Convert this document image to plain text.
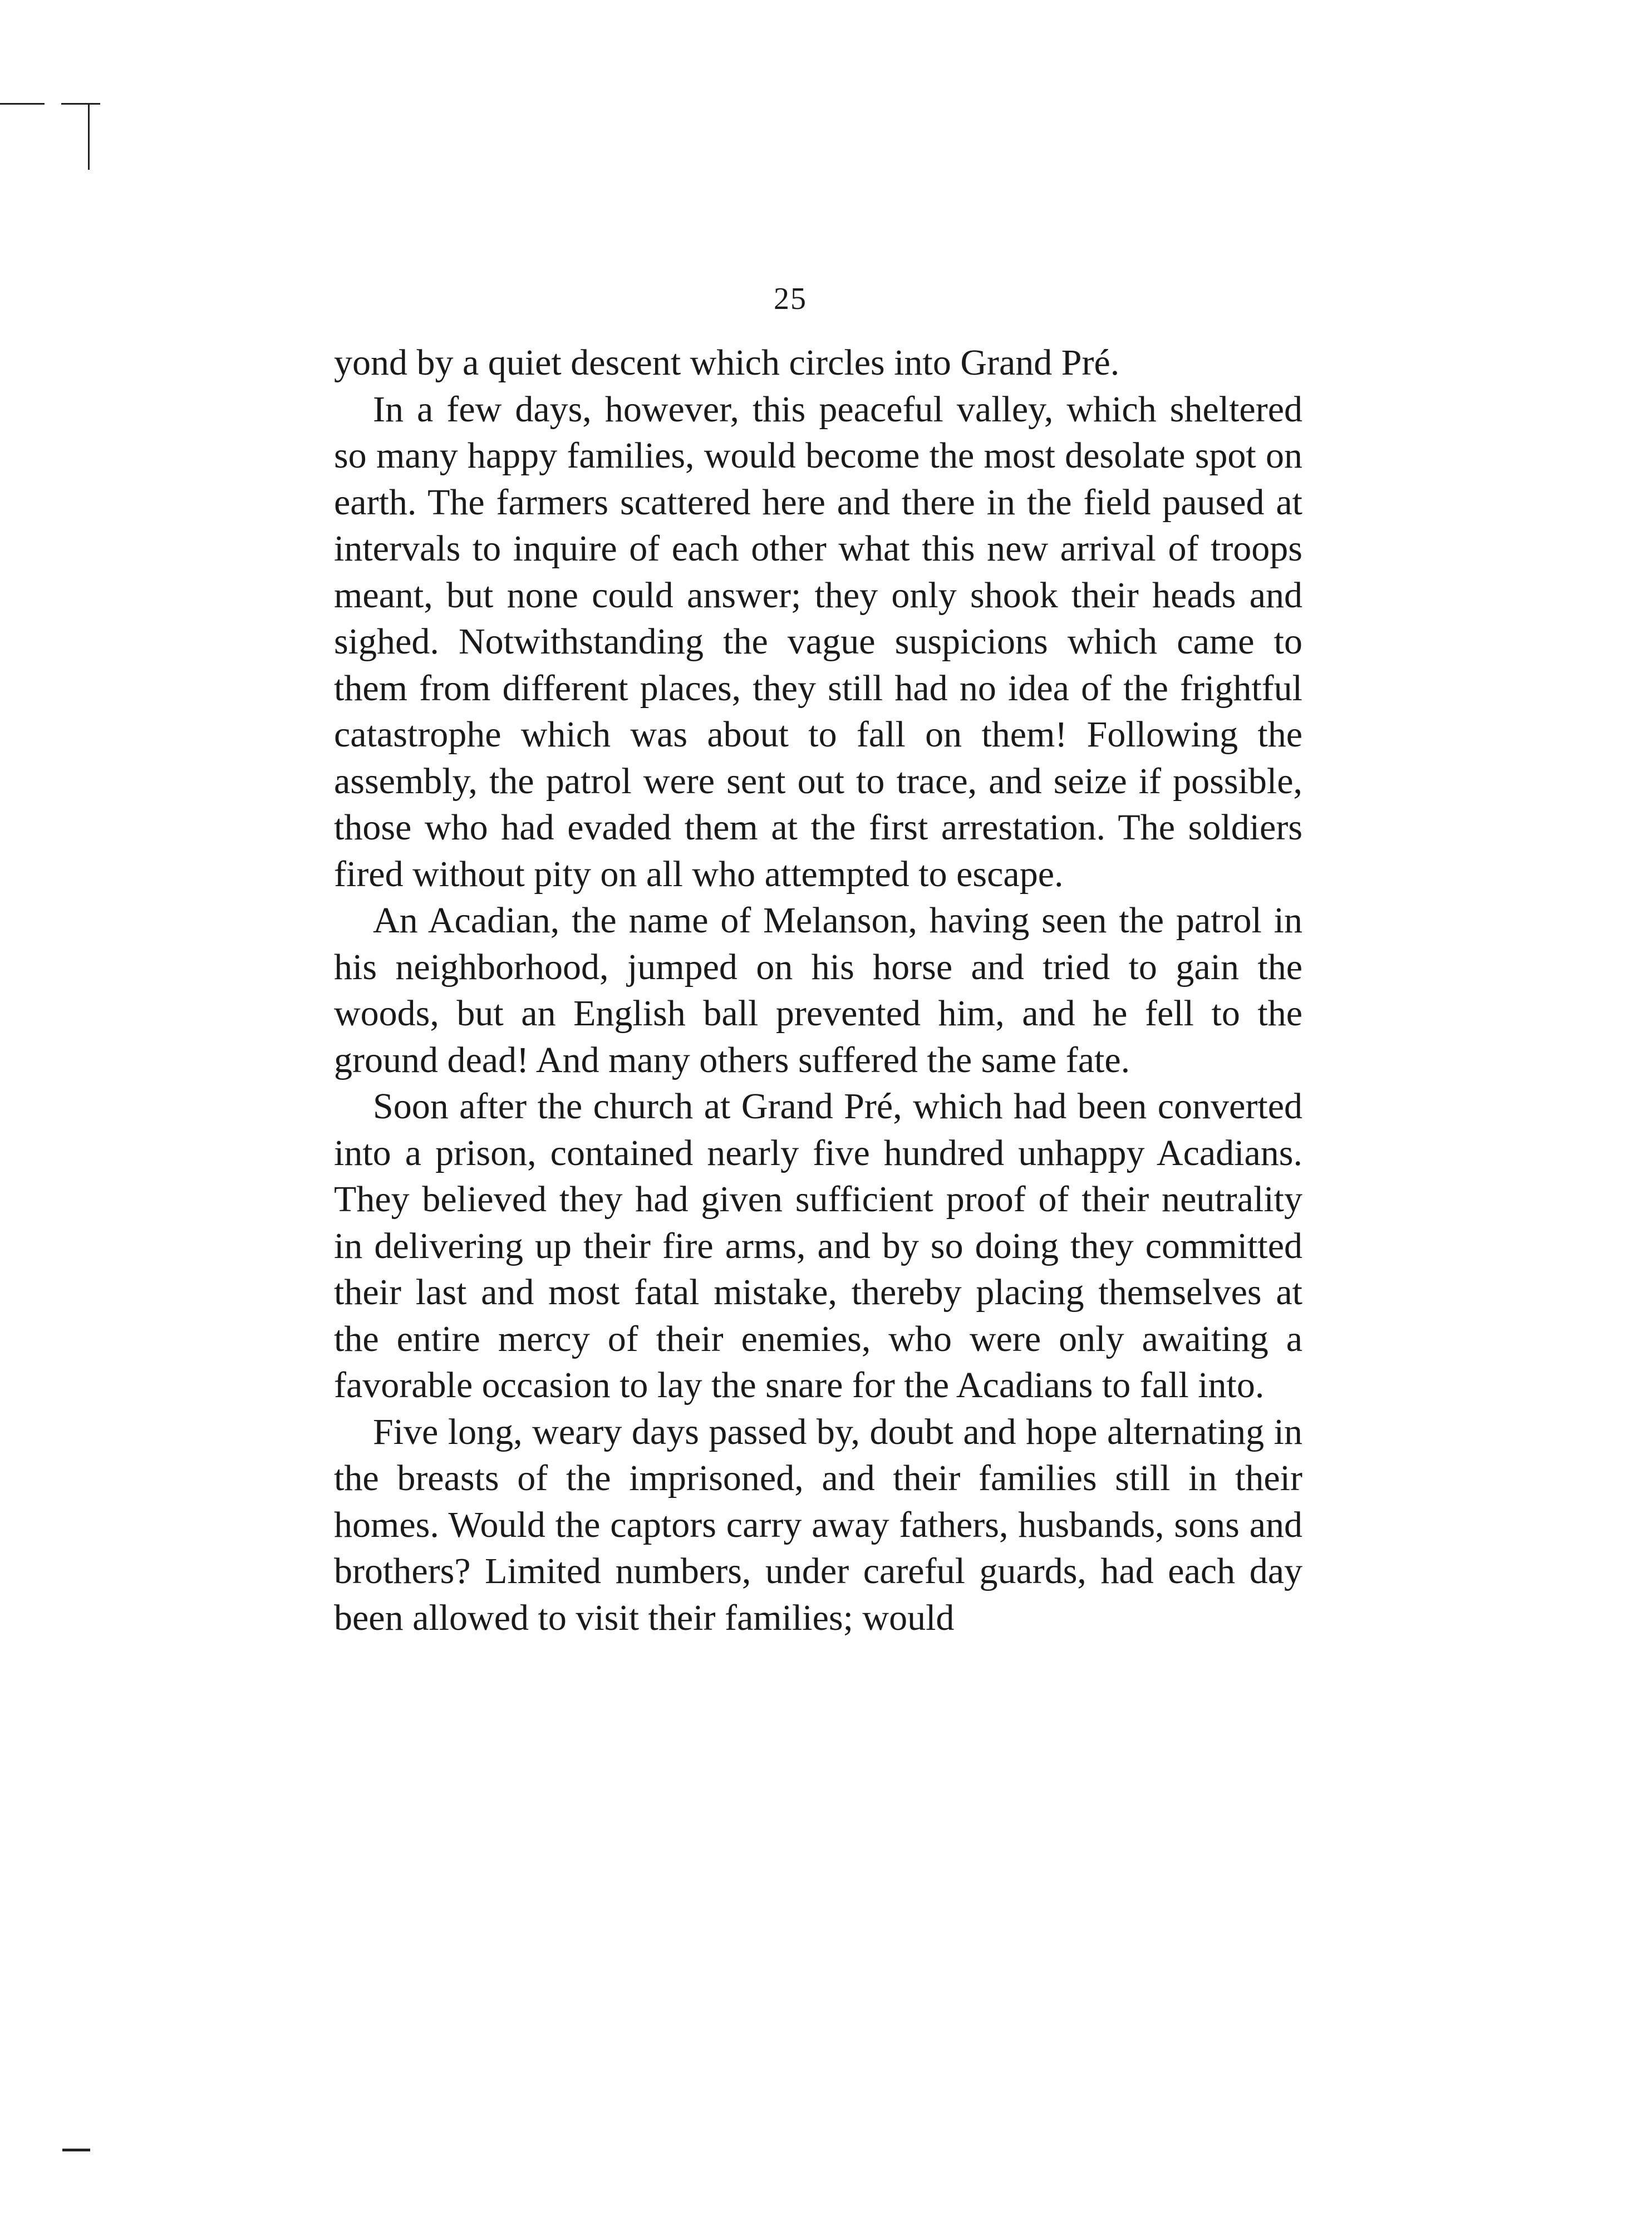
25

yond by a quiet descent which circles into Grand Pré.

In a few days, however, this peaceful valley, which sheltered so many happy families, would become the most desolate spot on earth. The farmers scattered here and there in the field paused at intervals to inquire of each other what this new arrival of troops meant, but none could answer; they only shook their heads and sighed. Notwithstanding the vague suspicions which came to them from different places, they still had no idea of the frightful catastrophe which was about to fall on them! Following the assembly, the patrol were sent out to trace, and seize if possible, those who had evaded them at the first arrestation. The soldiers fired without pity on all who attempted to escape.

An Acadian, the name of Melanson, having seen the patrol in his neighborhood, jumped on his horse and tried to gain the woods, but an English ball prevented him, and he fell to the ground dead! And many others suffered the same fate.

Soon after the church at Grand Pré, which had been converted into a prison, contained nearly five hundred unhappy Acadians. They believed they had given sufficient proof of their neutrality in delivering up their fire arms, and by so doing they committed their last and most fatal mistake, thereby placing themselves at the entire mercy of their enemies, who were only awaiting a favorable occasion to lay the snare for the Acadians to fall into.

Five long, weary days passed by, doubt and hope alternating in the breasts of the imprisoned, and their families still in their homes. Would the captors carry away fathers, husbands, sons and brothers? Limited numbers, under careful guards, had each day been allowed to visit their families; would
